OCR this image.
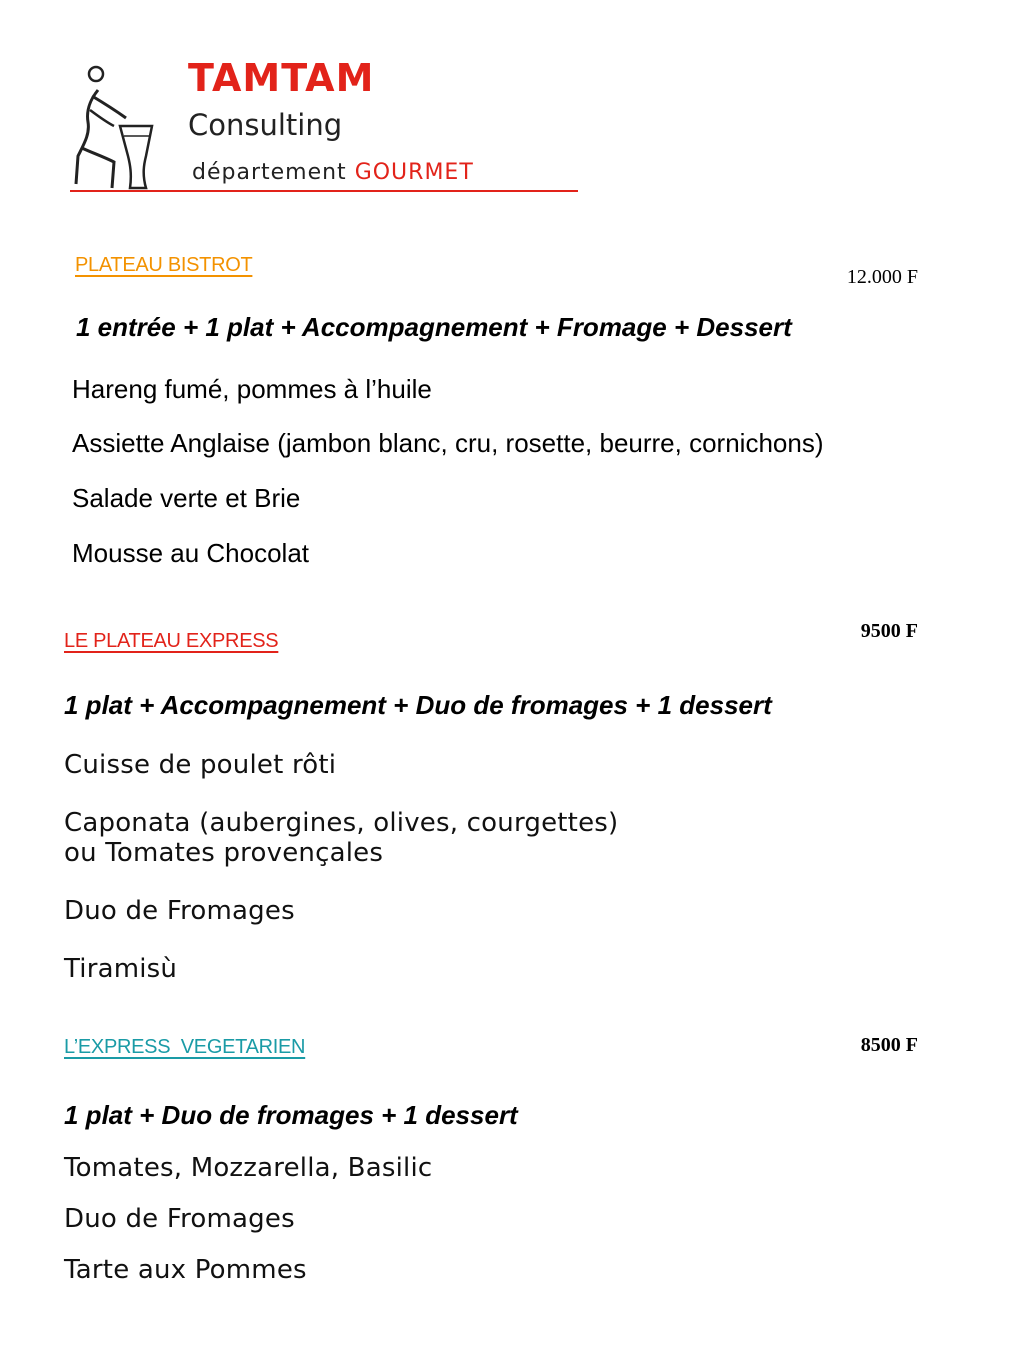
TAMTAM
Consulting
département GOURMET
PLATEAU BISTROT
12.000 F
1 entrée + 1 plat + Accompagnement + Fromage + Dessert
Hareng fumé, pommes à l’huile
Assiette Anglaise (jambon blanc, cru, rosette, beurre, cornichons)
Salade verte et Brie
Mousse au Chocolat
LE PLATEAU EXPRESS	9500 F
1 plat + Accompagnement + Duo de fromages + 1 dessert
Cuisse de poulet rôti
Caponata (aubergines, olives, courgettes)
ou Tomates provençales
Duo de Fromages
Tiramisù
L’EXPRESS  VEGETARIEN	8500 F
1 plat + Duo de fromages + 1 dessert
Tomates, Mozzarella, Basilic
Duo de Fromages
Tarte aux Pommes
